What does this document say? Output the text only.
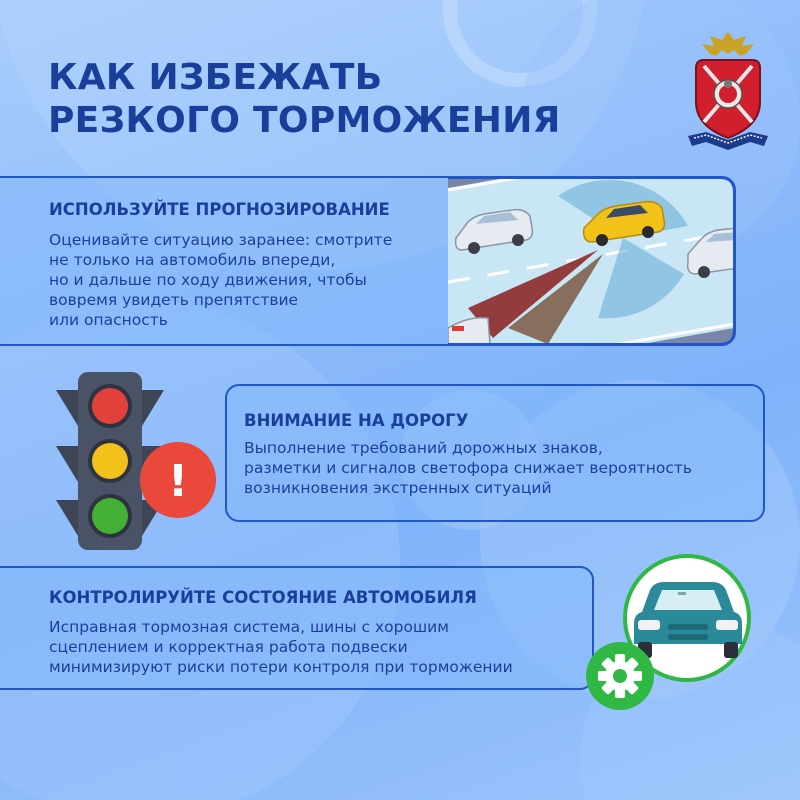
КАК ИЗБЕЖАТЬ
РЕЗКОГО ТОРМОЖЕНИЯ
ИСПОЛЬЗУЙТЕ ПРОГНОЗИРОВАНИЕ

Оценивайте ситуацию заранее: смотрите
не только на автомобиль впереди,
но и дальше по ходу движения, чтобы
вовремя увидеть препятствие
или опасность

ВНИМАНИЕ НА ДОРОГУ

Выполнение требований дорожных знаков,
разметки и сигналов светофора снижает вероятность
возникновения экстренных ситуаций

!
КОНТРОЛИРУЙТЕ СОСТОЯНИЕ АВТОМОБИЛЯ

Исправная тормозная система, шины с хорошим
сцеплением и корректная работа подвески
минимизируют риски потери контроля при торможении
